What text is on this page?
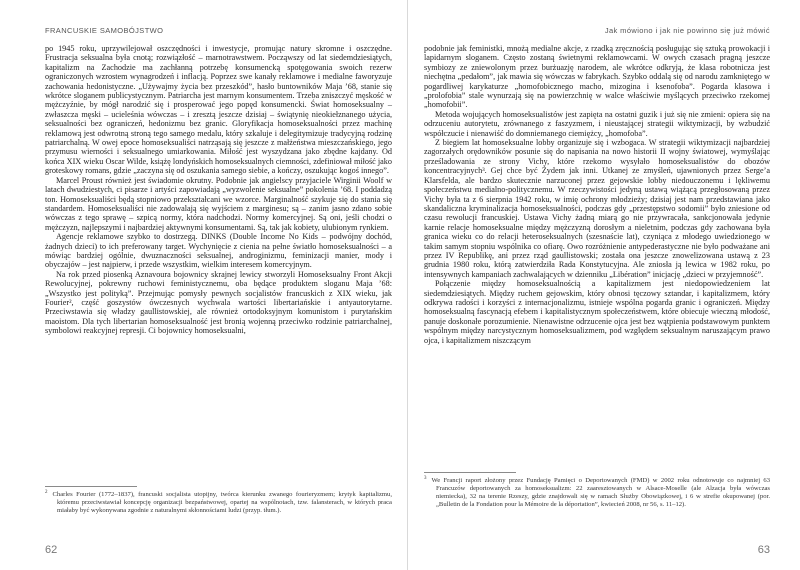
FRANCUSKIE SAMOBÓJSTWO

po 1945 roku, uprzywilejował oszczędności i inwestycje, promując natury skromne i oszczędne. Frustracja seksualna była cnotą; rozwiązłość – marnotrawstwem. Począwszy od lat siedemdziesiątych, kapitalizm na Zachodzie ma zachłanną potrzebę konsumencką spotęgowania swoich rezerw ograniczonych wzrostem wynagrodzeń i inflacją. Poprzez swe kanały reklamowe i medialne faworyzuje zachowania hedonistyczne. „Używajmy życia bez przeszkód”, hasło buntowników Maja ’68, stanie się wkrótce sloganem publicystycznym. Patriarcha jest marnym konsumentem. Trzeba zniszczyć męskość w mężczyźnie, by mógł narodzić się i prosperować jego popęd konsumencki. Świat homoseksualny – zwłaszcza męski – ucieleśnia wówczas – i zresztą jeszcze dzisiaj – świątynię nieokiełznanego użycia, seksualności bez ograniczeń, hedonizmu bez granic. Gloryfikacja homoseksualności przez machinę reklamową jest odwrotną stroną tego samego medalu, który szkaluje i delegitymizuje tradycyjną rodzinę patriarchalną. W owej epoce homoseksualiści natrząsają się jeszcze z małżeństwa mieszczańskiego, jego przymusu wierności i seksualnego umiarkowania. Miłość jest wyszydzana jako zbędne kajdany. Od końca XIX wieku Oscar Wilde, książę londyńskich homoseksualnych ciemności, zdefiniował miłość jako groteskowy romans, gdzie „zaczyna się od oszukania samego siebie, a kończy, oszukując kogoś innego”.

Marcel Proust również jest świadomie okrutny. Podobnie jak angielscy przyjaciele Wirginii Woolf w latach dwudziestych, ci pisarze i artyści zapowiadają „wyzwolenie seksualne” pokolenia ’68. I poddadzą ton. Homoseksualiści będą stopniowo przekształcani we wzorce. Marginalność szykuje się do stania się standardem. Homoseksualiści nie zadowalają się wyjściem z marginesu; są – zanim jasno zdano sobie wówczas z tego sprawę – szpicą normy, która nadchodzi. Normy komercyjnej. Są oni, jeśli chodzi o mężczyzn, najlepszymi i najbardziej aktywnymi konsumentami. Są, tak jak kobiety, ulubionym rynkiem.

Agencje reklamowe szybko to dostrzegą. DINKS (Double Income No Kids – podwójny dochód, żadnych dzieci) to ich preferowany target. Wychynięcie z cienia na pełne światło homoseksualności – a mówiąc bardziej ogólnie, dwuznaczności seksualnej, androginizmu, feminizacji manier, mody i obyczajów – jest najpierw, i przede wszystkim, wielkim interesem komercyjnym.

Na rok przed piosenką Aznavoura bojownicy skrajnej lewicy stworzyli Homoseksualny Front Akcji Rewolucyjnej, pokrewny ruchowi feministycznemu, oba będące produktem sloganu Maja ’68: „Wszystko jest polityką”. Przejmując pomysły pewnych socjalistów francuskich z XIX wieku, jak Fourier², część goszystów ówczesnych wychwala wartości libertariańskie i antyautorytarne. Przeciwstawia się władzy gaullistowskiej, ale również ortodoksyjnym komunistom i purytańskim maoistom. Dla tych libertarian homoseksualność jest bronią wojenną przeciwko rodzinie patriarchalnej, symbolowi reakcyjnej represji. Ci bojownicy homoseksualni,

$^2$ Charles Fourier (1772–1837), francuski socjalista utopijny, twórca kierunku zwanego fourieryzmem; krytyk kapitalizmu, któremu przeciwstawiał koncepcję organizacji bezpaństwowej, opartej na wspólnotach, tzw. falansterach, w których praca miałaby być wykonywana zgodnie z naturalnymi skłonnościami ludzi (przyp. tłum.).

62
Jak mówiono i jak nie powinno się już mówić

podobnie jak feministki, mnożą medialne akcje, z rzadką zręcznością posługując się sztuką prowokacji i lapidarnym sloganem. Często zostaną świetnymi reklamowcami. W owych czasach pragną jeszcze symbiozy ze zniewolonym przez burżuazję narodem, ale wkrótce odkryją, że klasa robotnicza jest niechętna „pedałom”, jak mawia się wówczas w fabrykach. Szybko oddalą się od narodu zamkniętego w pogardliwej karykaturze „homofobicznego macho, mizogina i ksenofoba”. Pogarda klasowa i „prolofobia” stale wynurzają się na powierzchnię w walce właściwie myślących przeciwko rzekomej „homofobii”.

Metoda wojujących homoseksualistów jest zapięta na ostatni guzik i już się nie zmieni: opiera się na odrzuceniu autorytetu, zrównanego z faszyzmem, i nieustającej strategii wiktymizacji, by wzbudzić współczucie i nienawiść do domniemanego ciemiężcy, „homofoba”.

Z biegiem lat homoseksualne lobby organizuje się i wzbogaca. W strategii wiktymizacji najbardziej zagorzałych orędowników posunie się do napisania na nowo historii II wojny światowej, wymyślając prześladowania ze strony Vichy, które rzekomo wysyłało homoseksualistów do obozów koncentracyjnych³. Gej chce być Żydem jak inni. Utkanej ze zmyśleń, ujawnionych przez Serge’a Klarsfelda, ale bardzo skutecznie narzuconej przez gejowskie lobby niedouczonemu i lękliwemu społeczeństwu medialno-politycznemu. W rzeczywistości jedyną ustawą wiążącą przegłosowaną przez Vichy była ta z 6 sierpnia 1942 roku, w imię ochrony młodzieży; dzisiaj jest nam przedstawiana jako skandaliczna kryminalizacja homoseksualności, podczas gdy „przestępstwo sodomii” było zniesione od czasu rewolucji francuskiej. Ustawa Vichy żadną miarą go nie przywracała, sankcjonowała jedynie karnie relacje homoseksualne między mężczyzną dorosłym a nieletnim, podczas gdy zachowana była granica wieku co do relacji heteroseksualnych (szesnaście lat), czyniąca z młodego uwiedzionego w takim samym stopniu wspólnika co ofiarę. Owo rozróżnienie antypederastyczne nie było podważane ani przez IV Republikę, ani przez rząd gaullistowski; została ona jeszcze znowelizowana ustawą z 23 grudnia 1980 roku, którą zatwierdziła Rada Konstytucyjna. Ale zniosła ją lewica w 1982 roku, po intensywnych kampaniach zachwalających w dzienniku „Libération” inicjację „dzieci w przyjemność”.

Połączenie między homoseksualnością a kapitalizmem jest niedopowiedzeniem lat siedemdziesiątych. Między ruchem gejowskim, który obnosi tęczowy sztandar, i kapitalizmem, który odkrywa radości i korzyści z internacjonalizmu, istnieje wspólna pogarda granic i ograniczeń. Między homoseksualną fascynacją efebem i kapitalistycznym społeczeństwem, które obiecuje wieczną młodość, panuje doskonałe porozumienie. Nienawistne odrzucenie ojca jest bez wątpienia podstawowym punktem wspólnym między narcystycznym homoseksualizmem, pod względem seksualnym naruszającym prawo ojca, i kapitalizmem niszczącym

$^3$ We Francji raport złożony przez Fundację Pamięci o Deportowanych (FMD) w 2002 roku odnotowuje co najmniej 63 Francuzów deportowanych za homoseksualizm: 22 zaaresztowanych w Alsace-Moselle (ale Alzacja była wówczas niemiecka), 32 na terenie Rzeszy, gdzie znajdowali się w ramach Służby Obowiązkowej, i 6 w strefie okupowanej (por. „Bulletin de la Fondation pour la Mémoire de la déportation”, kwiecień 2008, nr 56, s. 11–12).

63
